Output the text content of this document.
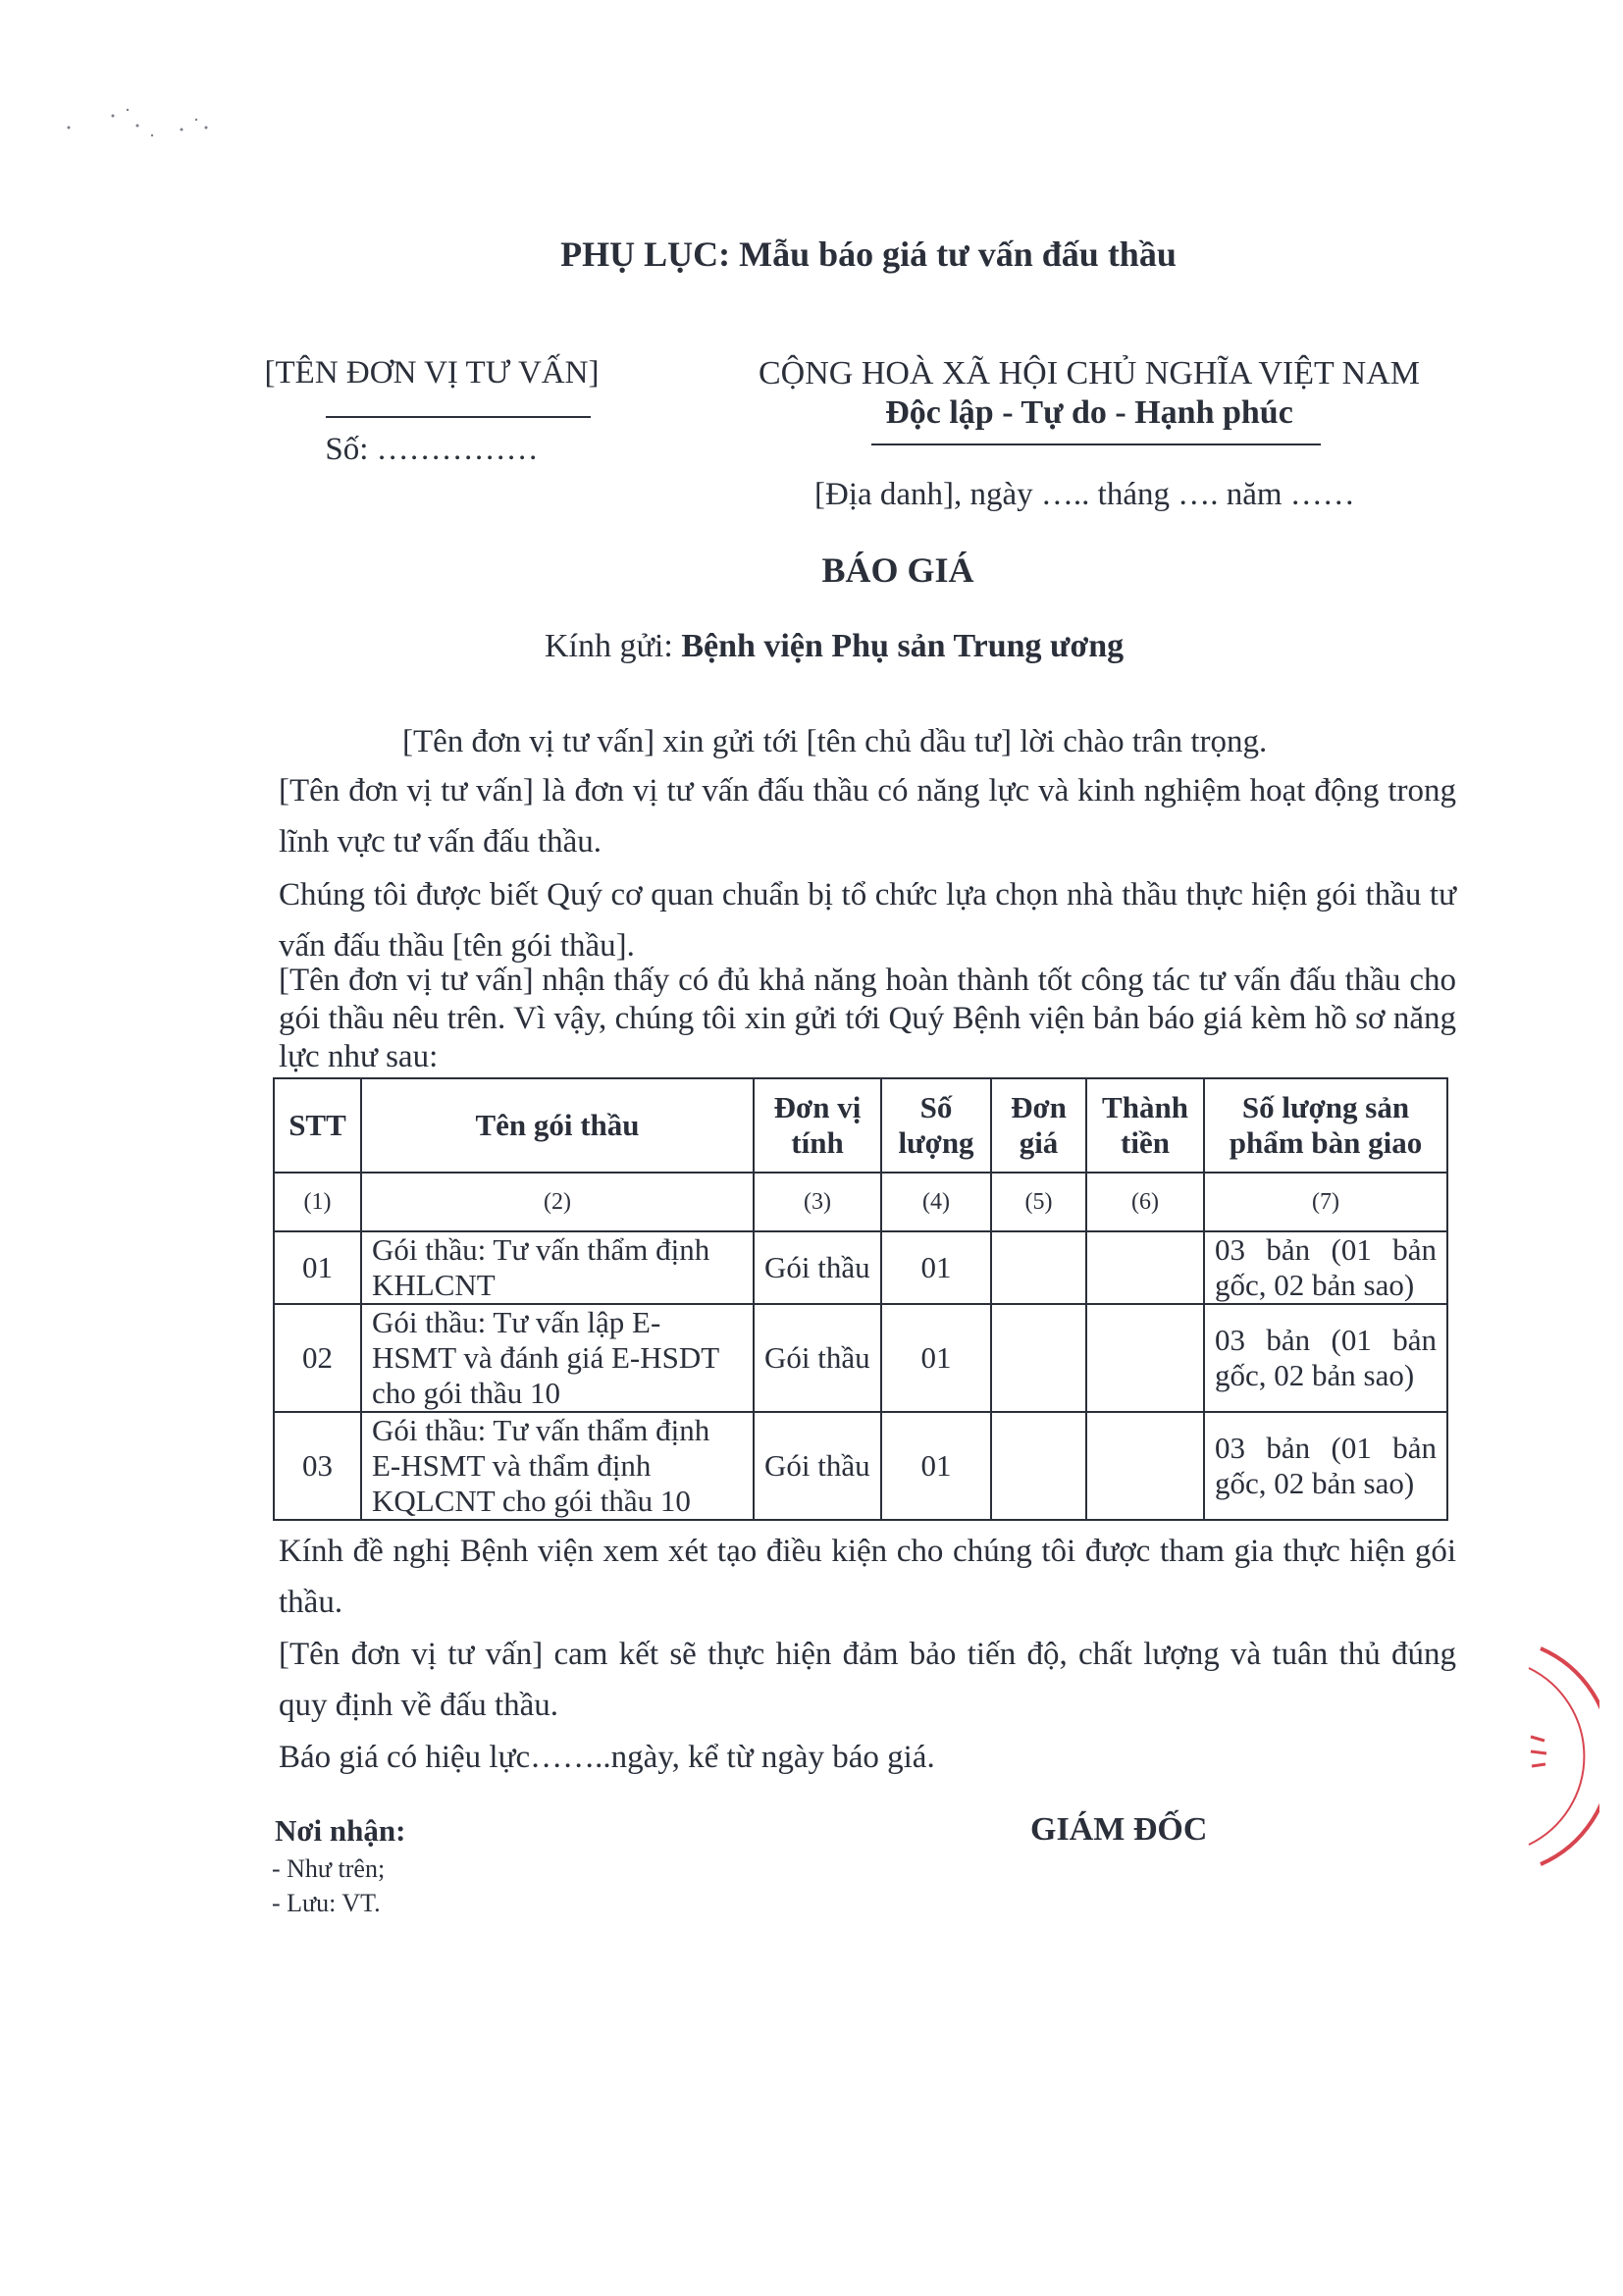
PHỤ LỤC: Mẫu báo giá tư vấn đấu thầu
[TÊN ĐƠN VỊ TƯ VẤN]
Số: ……………
CỘNG HOÀ XÃ HỘI CHỦ NGHĨA VIỆT NAM
Độc lập - Tự do - Hạnh phúc
[Địa danh], ngày ….. tháng …. năm ……
BÁO GIÁ
Kính gửi: Bệnh viện Phụ sản Trung ương
[Tên đơn vị tư vấn] xin gửi tới [tên chủ dầu tư] lời chào trân trọng.
[Tên đơn vị tư vấn] là đơn vị tư vấn đấu thầu có năng lực và kinh nghiệm hoạt động trong lĩnh vực tư vấn đấu thầu.
Chúng tôi được biết Quý cơ quan chuẩn bị tổ chức lựa chọn nhà thầu thực hiện gói thầu tư vấn đấu thầu [tên gói thầu].
[Tên đơn vị tư vấn] nhận thấy có đủ khả năng hoàn thành tốt công tác tư vấn đấu thầu cho gói thầu nêu trên. Vì vậy, chúng tôi xin gửi tới Quý Bệnh viện bản báo giá kèm hồ sơ năng lực như sau:
STT	Tên gói thầu	Đơn vị tính	Số lượng	Đơn giá	Thành tiền	Số lượng sản phẩm bàn giao
(1)	(2)	(3)	(4)	(5)	(6)	(7)
01	Gói thầu: Tư vấn thẩm định KHLCNT	Gói thầu	01			03 bản (01 bản gốc, 02 bản sao)
02	Gói thầu: Tư vấn lập E-HSMT và đánh giá E-HSDT cho gói thầu 10	Gói thầu	01			03 bản (01 bản gốc, 02 bản sao)
03	Gói thầu: Tư vấn thẩm định E-HSMT và thẩm định KQLCNT cho gói thầu 10	Gói thầu	01			03 bản (01 bản gốc, 02 bản sao)
Kính đề nghị Bệnh viện xem xét tạo điều kiện cho chúng tôi được tham gia thực hiện gói thầu.
[Tên đơn vị tư vấn] cam kết sẽ thực hiện đảm bảo tiến độ, chất lượng và tuân thủ đúng quy định về đấu thầu.
Báo giá có hiệu lực……..ngày, kể từ ngày báo giá.
Nơi nhận:
- Như trên;
- Lưu: VT.
GIÁM ĐỐC
